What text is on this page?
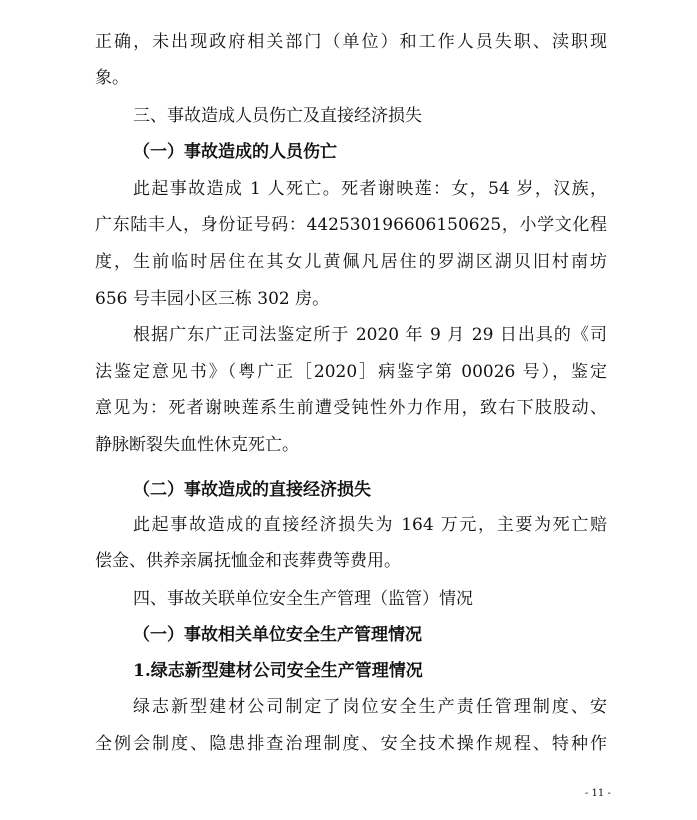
正确，未出现政府相关部门（单位）和工作人员失职、渎职现
象。
三、事故造成人员伤亡及直接经济损失
（一）事故造成的人员伤亡
此起事故造成 1 人死亡。死者谢映莲：女，54 岁，汉族，
广东陆丰人，身份证号码：442530196606150625，小学文化程
度，生前临时居住在其女儿黄佩凡居住的罗湖区湖贝旧村南坊
656 号丰园小区三栋 302 房。
根据广东广正司法鉴定所于 2020 年 9 月 29 日出具的《司
法鉴定意见书》（粤广正［2020］病鉴字第 00026 号），鉴定
意见为：死者谢映莲系生前遭受钝性外力作用，致右下肢股动、
静脉断裂失血性休克死亡。
（二）事故造成的直接经济损失
此起事故造成的直接经济损失为 164 万元，主要为死亡赔
偿金、供养亲属抚恤金和丧葬费等费用。
四、事故关联单位安全生产管理（监管）情况
（一）事故相关单位安全生产管理情况
1.绿志新型建材公司安全生产管理情况
绿志新型建材公司制定了岗位安全生产责任管理制度、安
全例会制度、隐患排查治理制度、安全技术操作规程、特种作
- 11 -
